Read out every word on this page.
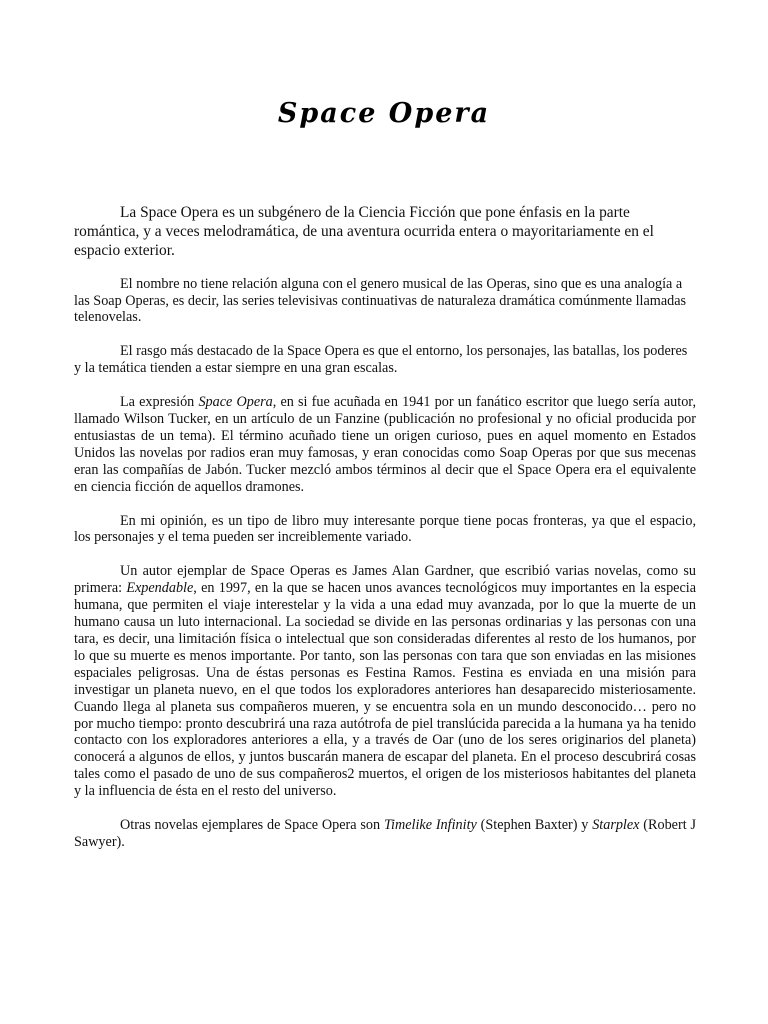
Space Opera

La Space Opera es un subgénero de la Ciencia Ficción que pone énfasis en la parte romántica, y a veces melodramática, de una aventura ocurrida entera o mayoritariamente en el espacio exterior.

El nombre no tiene relación alguna con el genero musical de las Operas, sino que es una analogía a las Soap Operas, es decir, las series televisivas continuativas de naturaleza dramática comúnmente llamadas telenovelas.

El rasgo más destacado de la Space Opera es que el entorno, los personajes, las batallas, los poderes y la temática tienden a estar siempre en una gran escalas.

La expresión Space Opera, en si fue acuñada en 1941 por un fanático escritor que luego sería autor, llamado Wilson Tucker, en un artículo de un Fanzine (publicación no profesional y no oficial producida por entusiastas de un tema). El término acuñado tiene un origen curioso, pues en aquel momento en Estados Unidos las novelas por radios eran muy famosas, y eran conocidas como Soap Operas por que sus mecenas eran las compañías de Jabón. Tucker mezcló ambos términos al decir que el Space Opera era el equivalente en ciencia ficción de aquellos dramones.

En mi opinión, es un tipo de libro muy interesante porque tiene pocas fronteras, ya que el espacio, los personajes y el tema pueden ser increiblemente variado.

Un autor ejemplar de Space Operas es James Alan Gardner, que escribió varias novelas, como su primera: Expendable, en 1997, en la que se hacen unos avances tecnológicos muy importantes en la especia humana, que permiten el viaje interestelar y la vida a una edad muy avanzada, por lo que la muerte de un humano causa un luto internacional. La sociedad se divide en las personas ordinarias y las personas con una tara, es decir, una limitación física o intelectual que son consideradas diferentes al resto de los humanos, por lo que su muerte es menos importante. Por tanto, son las personas con tara que son enviadas en las misiones espaciales peligrosas. Una de éstas personas es Festina Ramos. Festina es enviada en una misión para investigar un planeta nuevo, en el que todos los exploradores anteriores han desaparecido misteriosamente. Cuando llega al planeta sus compañeros mueren, y se encuentra sola en un mundo desconocido… pero no por mucho tiempo: pronto descubrirá una raza autótrofa de piel translúcida parecida a la humana ya ha tenido contacto con los exploradores anteriores a ella, y a través de Oar (uno de los seres originarios del planeta) conocerá a algunos de ellos, y juntos buscarán manera de escapar del planeta. En el proceso descubrirá cosas tales como el pasado de uno de sus compañeros2 muertos, el origen de los misteriosos habitantes del planeta y la influencia de ésta en el resto del universo.

Otras novelas ejemplares de Space Opera son Timelike Infinity (Stephen Baxter) y Starplex (Robert J Sawyer).
